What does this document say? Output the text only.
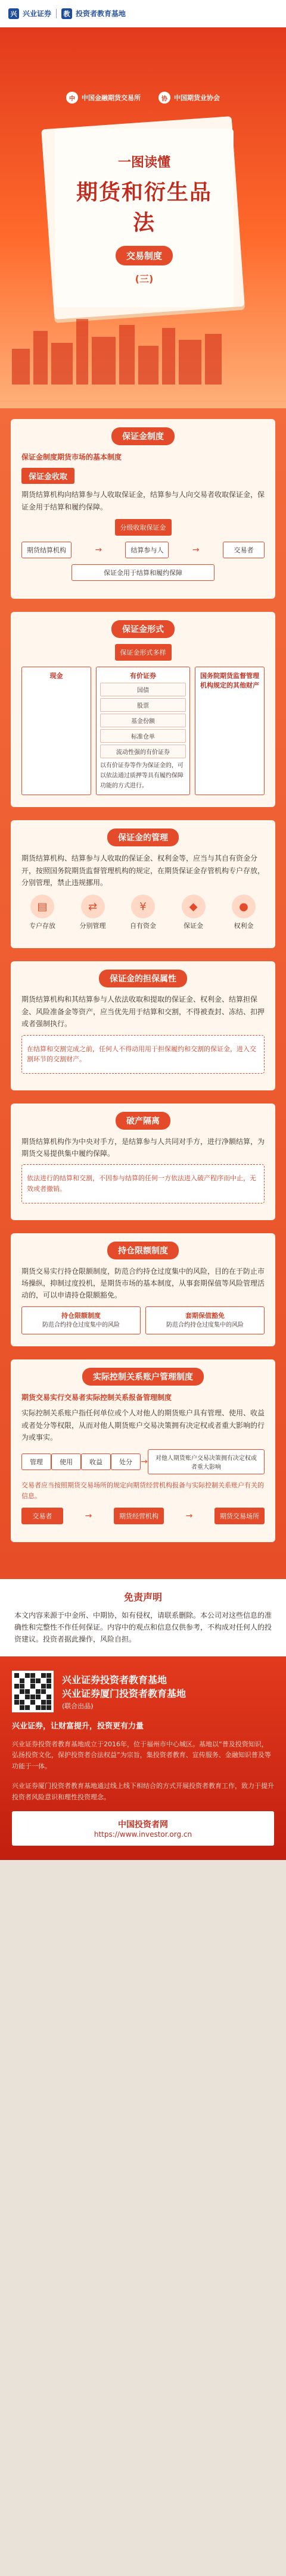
兴 兴业证券	教 投资者教育基地
中	中国金融期货交易所	协	中国期货业协会
一图读懂
期货和衍生品法
交易制度
(三)
保证金制度
保证金制度期货市场的基本制度
保证金收取
期货结算机构向结算参与人收取保证金，结算参与人向交易者收取保证金，保证金用于结算和履约保障。
分级收取保证金
期货结算机构	→	结算参与人	→	交易者
保证金用于结算和履约保障
保证金形式
保证金形式多样
现金	有价证券
国债
股票
基金份额
标准仓单
流动性强的有价证券
以有价证券等作为保证金的，可以依法通过质押等具有履约保障功能的方式进行。
国务院期货监督管理机构规定的其他财产
保证金的管理
期货结算机构、结算参与人收取的保证金、权利金等，应当与其自有资金分开，按照国务院期货监督管理机构的规定，在期货保证金存管机构专户存放，分别管理，禁止违规挪用。
▤
专户存放
⇄
分别管理
¥
自有资金
◆
保证金
●
权利金
保证金的担保属性
期货结算机构和其结算参与人依法收取和提取的保证金、权利金、结算担保金、风险准备金等资产，应当优先用于结算和交割，不得被查封、冻结、扣押或者强制执行。
在结算和交割完成之前，任何人不得动用用于担保履约和交割的保证金，进入交割环节的交割财产。
破产隔离
期货结算机构作为中央对手方，是结算参与人共同对手方，进行净额结算，为期货交易提供集中履约保障。
依法进行的结算和交割，不因参与结算的任何一方依法进入破产程序而中止，无效或者撤销。
持仓限额制度
期货交易实行持仓限额制度，防范合约持仓过度集中的风险，目的在于防止市场操纵，抑制过度投机，是期货市场的基本制度，从事套期保值等风险管理活动的，可以申请持仓限额豁免。
持仓限额制度
防范合约持仓过度集中的风险
套期保值豁免
防范合约持仓过度集中的风险
实际控制关系账户管理制度
期货交易实行交易者实际控制关系报备管理制度
实际控制关系账户指任何单位或个人对他人的期货账户具有管理、使用、收益或者处分等权限，从而对他人期货账户交易决策拥有决定权或者重大影响的行为或事实。
管理	使用	收益	处分	→	对他人期货账户交易决策拥有决定权或者重大影响
交易者应当按照期货交易场所的规定向期货经营机构报备与实际控制关系账户有关的信息。
交易者	→	期货经营机构	→	期货交易场所
免责声明
本文内容来源于中金所、中期协，如有侵权，请联系删除。本公司对这些信息的准确性和完整性不作任何保证。内容中的观点和信息仅供参考，不构成对任何人的投资建议。投资者据此操作，风险自担。
兴业证券投资者教育基地
兴业证券厦门投资者教育基地
(联合出品)
兴业证券，让财富提升，投资更有力量
兴业证券投资者教育基地成立于2016年，位于福州市中心城区。基地以“普及投资知识，弘扬投资文化，保护投资者合法权益”为宗旨，集投资者教育、宣传服务、金融知识普及等功能于一体。
兴业证券厦门投资者教育基地通过线上线下相结合的方式开展投资者教育工作，致力于提升投资者风险意识和理性投资理念。
中国投资者网
https://www.investor.org.cn
